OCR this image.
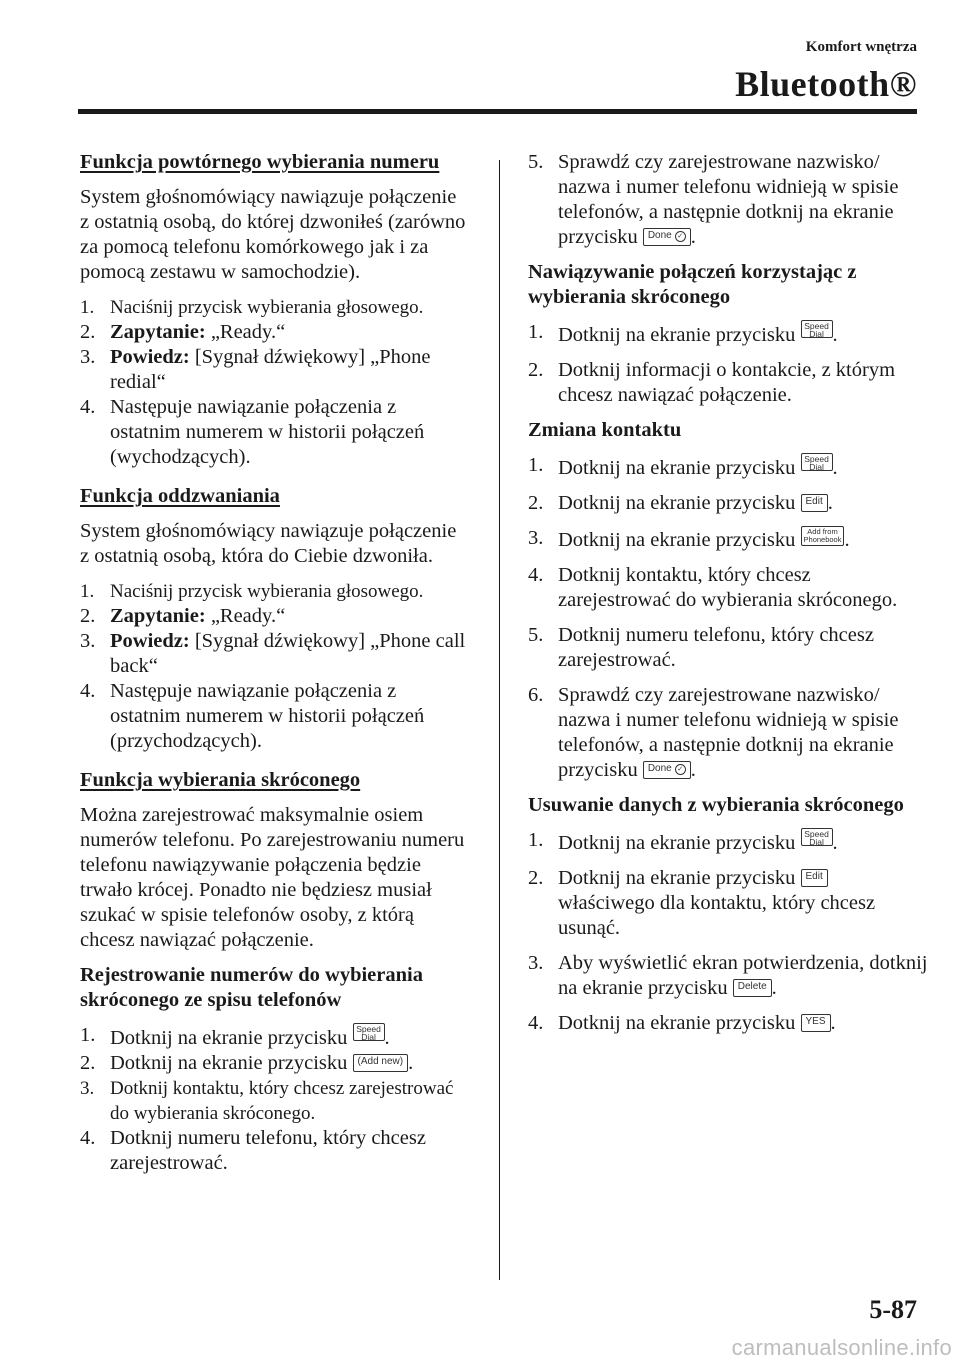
Komfort wnętrza
Bluetooth®
Funkcja powtórnego wybierania numeru

System głośnomówiący nawiązuje połączenie z ostatnią osobą, do której dzwoniłeś (zarówno za pomocą telefonu komórkowego jak i za pomocą zestawu w samochodzie).

1. Naciśnij przycisk wybierania głosowego.
2. Zapytanie: „Ready.“
3. Powiedz: [Sygnał dźwiękowy] „Phone redial“
4. Następuje nawiązanie połączenia z ostatnim numerem w historii połączeń (wychodzących).
Funkcja oddzwaniania

System głośnomówiący nawiązuje połączenie z ostatnią osobą, która do Ciebie dzwoniła.

1. Naciśnij przycisk wybierania głosowego.
2. Zapytanie: „Ready.“
3. Powiedz: [Sygnał dźwiękowy] „Phone call back“
4. Następuje nawiązanie połączenia z ostatnim numerem w historii połączeń (przychodzących).
Funkcja wybierania skróconego

Można zarejestrować maksymalnie osiem numerów telefonu. Po zarejestrowaniu numeru telefonu nawiązywanie połączenia będzie trwało krócej. Ponadto nie będziesz musiał szukać w spisie telefonów osoby, z którą chcesz nawiązać połączenie.

Rejestrowanie numerów do wybierania skróconego ze spisu telefonów
1. Dotknij na ekranie przycisku Speed
Dial .
2. Dotknij na ekranie przycisku (Add new) .
3. Dotknij kontaktu, który chcesz zarejestrować do wybierania skróconego.
4. Dotknij numeru telefonu, który chcesz zarejestrować.
5. Sprawdź czy zarejestrowane nazwisko/ nazwa i numer telefonu widnieją w spisie telefonów, a następnie dotknij na ekranie przycisku Done ✓ .
Nawiązywanie połączeń korzystając z wybierania skróconego
1. Dotknij na ekranie przycisku Speed
Dial .
2. Dotknij informacji o kontakcie, z którym chcesz nawiązać połączenie.
Zmiana kontaktu
1. Dotknij na ekranie przycisku Speed
Dial .
2. Dotknij na ekranie przycisku Edit .
3. Dotknij na ekranie przycisku Add from
Phonebook .
4. Dotknij kontaktu, który chcesz zarejestrować do wybierania skróconego.
5. Dotknij numeru telefonu, który chcesz zarejestrować.
6. Sprawdź czy zarejestrowane nazwisko/ nazwa i numer telefonu widnieją w spisie telefonów, a następnie dotknij na ekranie przycisku Done ✓ .
Usuwanie danych z wybierania skróconego
1. Dotknij na ekranie przycisku Speed
Dial .
2. Dotknij na ekranie przycisku Edit właściwego dla kontaktu, który chcesz usunąć.
3. Aby wyświetlić ekran potwierdzenia, dotknij na ekranie przycisku Delete .
4. Dotknij na ekranie przycisku YES .
5-87
carmanualsonline.info
